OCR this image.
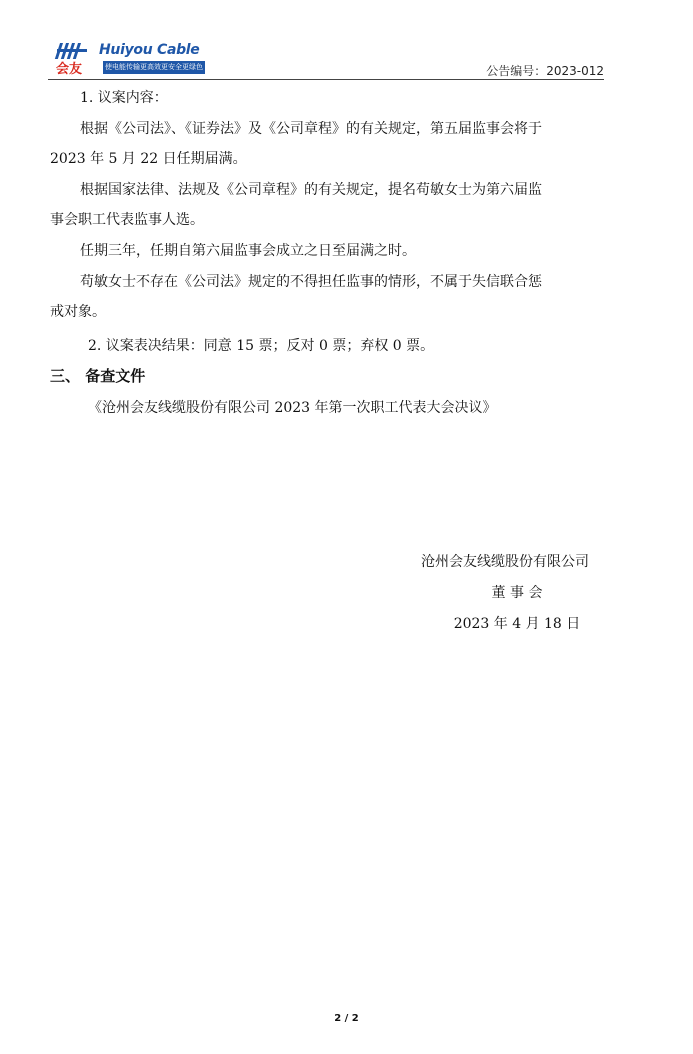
会友
Huiyou Cable
使电能传输更高效更安全更绿色	公告编号：2023-012
1. 议案内容：
根据《公司法》、《证券法》及《公司章程》的有关规定，第五届监事会将于
2023 年 5 月 22 日任期届满。
根据国家法律、法规及《公司章程》的有关规定，提名苟敏女士为第六届监
事会职工代表监事人选。
任期三年，任期自第六届监事会成立之日至届满之时。
苟敏女士不存在《公司法》规定的不得担任监事的情形，不属于失信联合惩
戒对象。
2. 议案表决结果：同意 15 票；反对 0 票；弃权 0 票。
三、 备查文件
《沧州会友线缆股份有限公司 2023 年第一次职工代表大会决议》
沧州会友线缆股份有限公司
董 事 会
2023 年 4 月 18 日
2 / 2
